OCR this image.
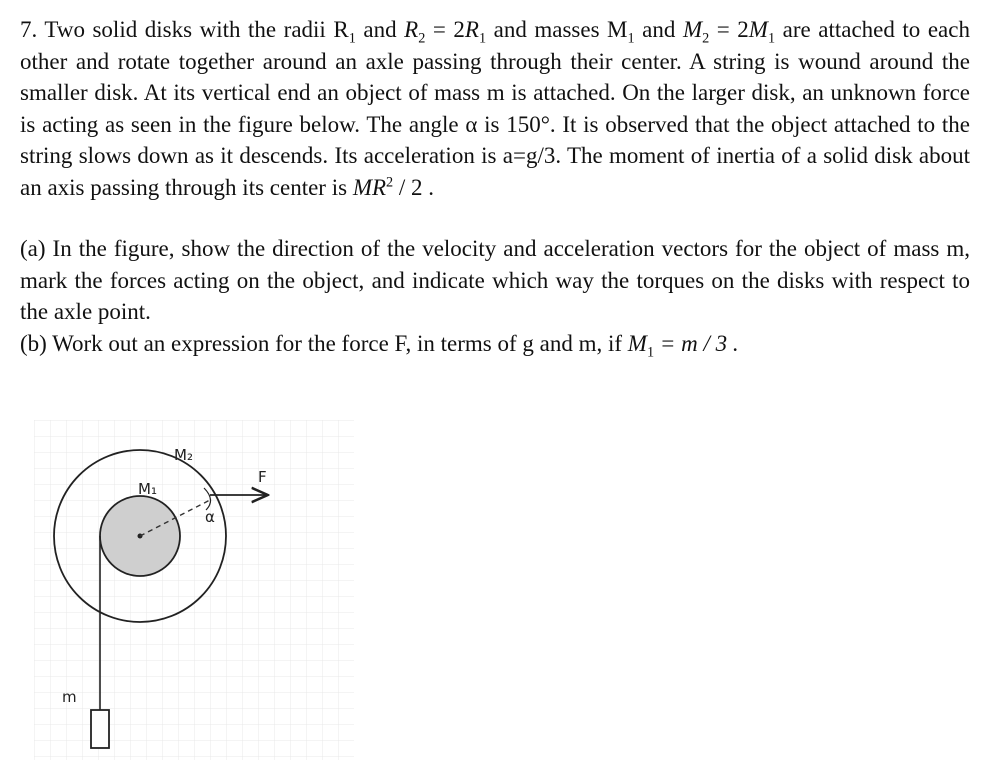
7. Two solid disks with the radii $R_1$ and $R_2 = 2R_1$ and masses $M_1$ and $M_2 = 2M_1$ are attached to each other and rotate together around an axle passing through their center. A string is wound around the smaller disk. At its vertical end an object of mass m is attached. On the larger disk, an unknown force is acting as seen in the figure below. The angle α is 150°. It is observed that the object attached to the string slows down as it descends. Its acceleration is a=g/3. The moment of inertia of a solid disk about an axis passing through its center is $MR^2 / 2$ .

(a) In the figure, show the direction of the velocity and acceleration vectors for the object of mass m, mark the forces acting on the object, and indicate which way the torques on the disks with respect to the axle point.

(b) Work out an expression for the force F, in terms of g and m, if $M_1 = m / 3$ .

M₂
M₁
F
α
m
